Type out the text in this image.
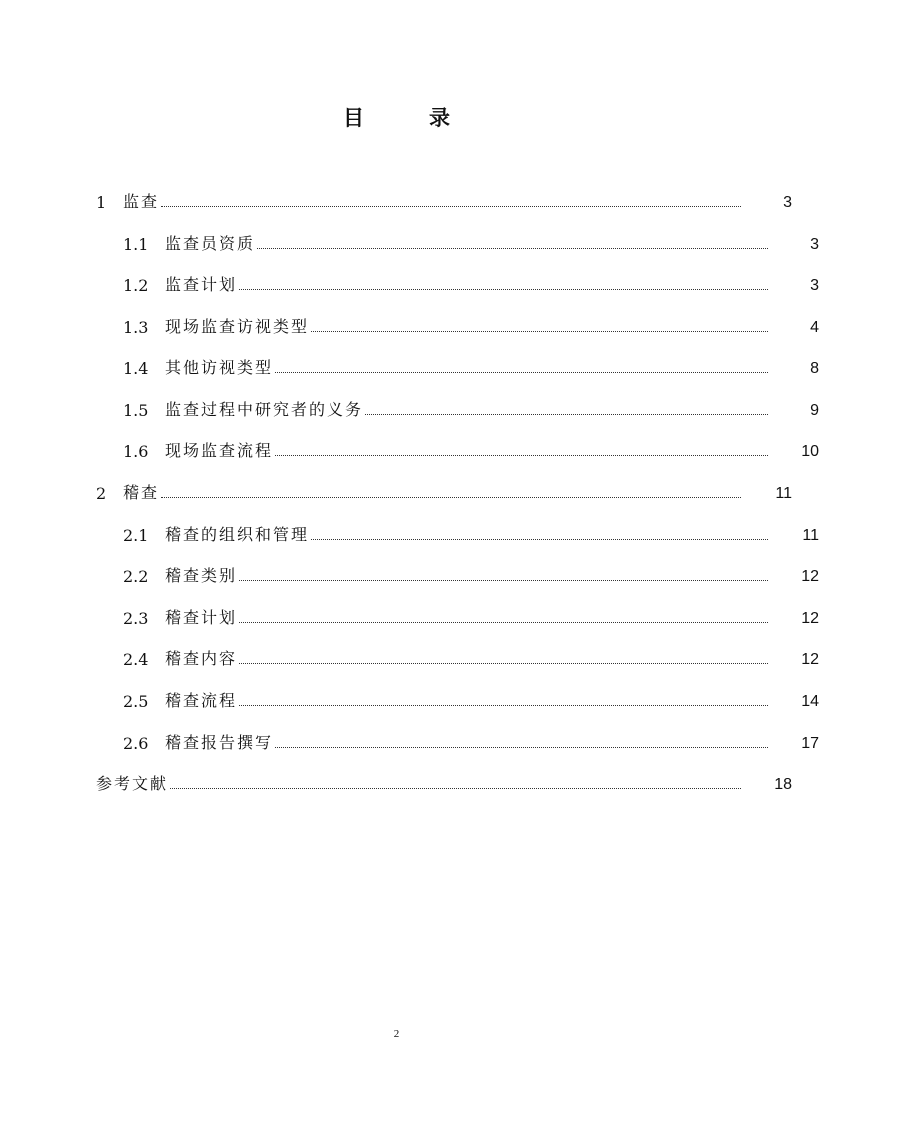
目　录
1	监查	3
1.1	监查员资质	3
1.2	监查计划	3
1.3	现场监查访视类型	4
1.4	其他访视类型	8
1.5	监查过程中研究者的义务	9
1.6	现场监查流程	10
2	稽查	11
2.1	稽查的组织和管理	11
2.2	稽查类别	12
2.3	稽查计划	12
2.4	稽查内容	12
2.5	稽查流程	14
2.6	稽查报告撰写	17
参考文献	18
2
